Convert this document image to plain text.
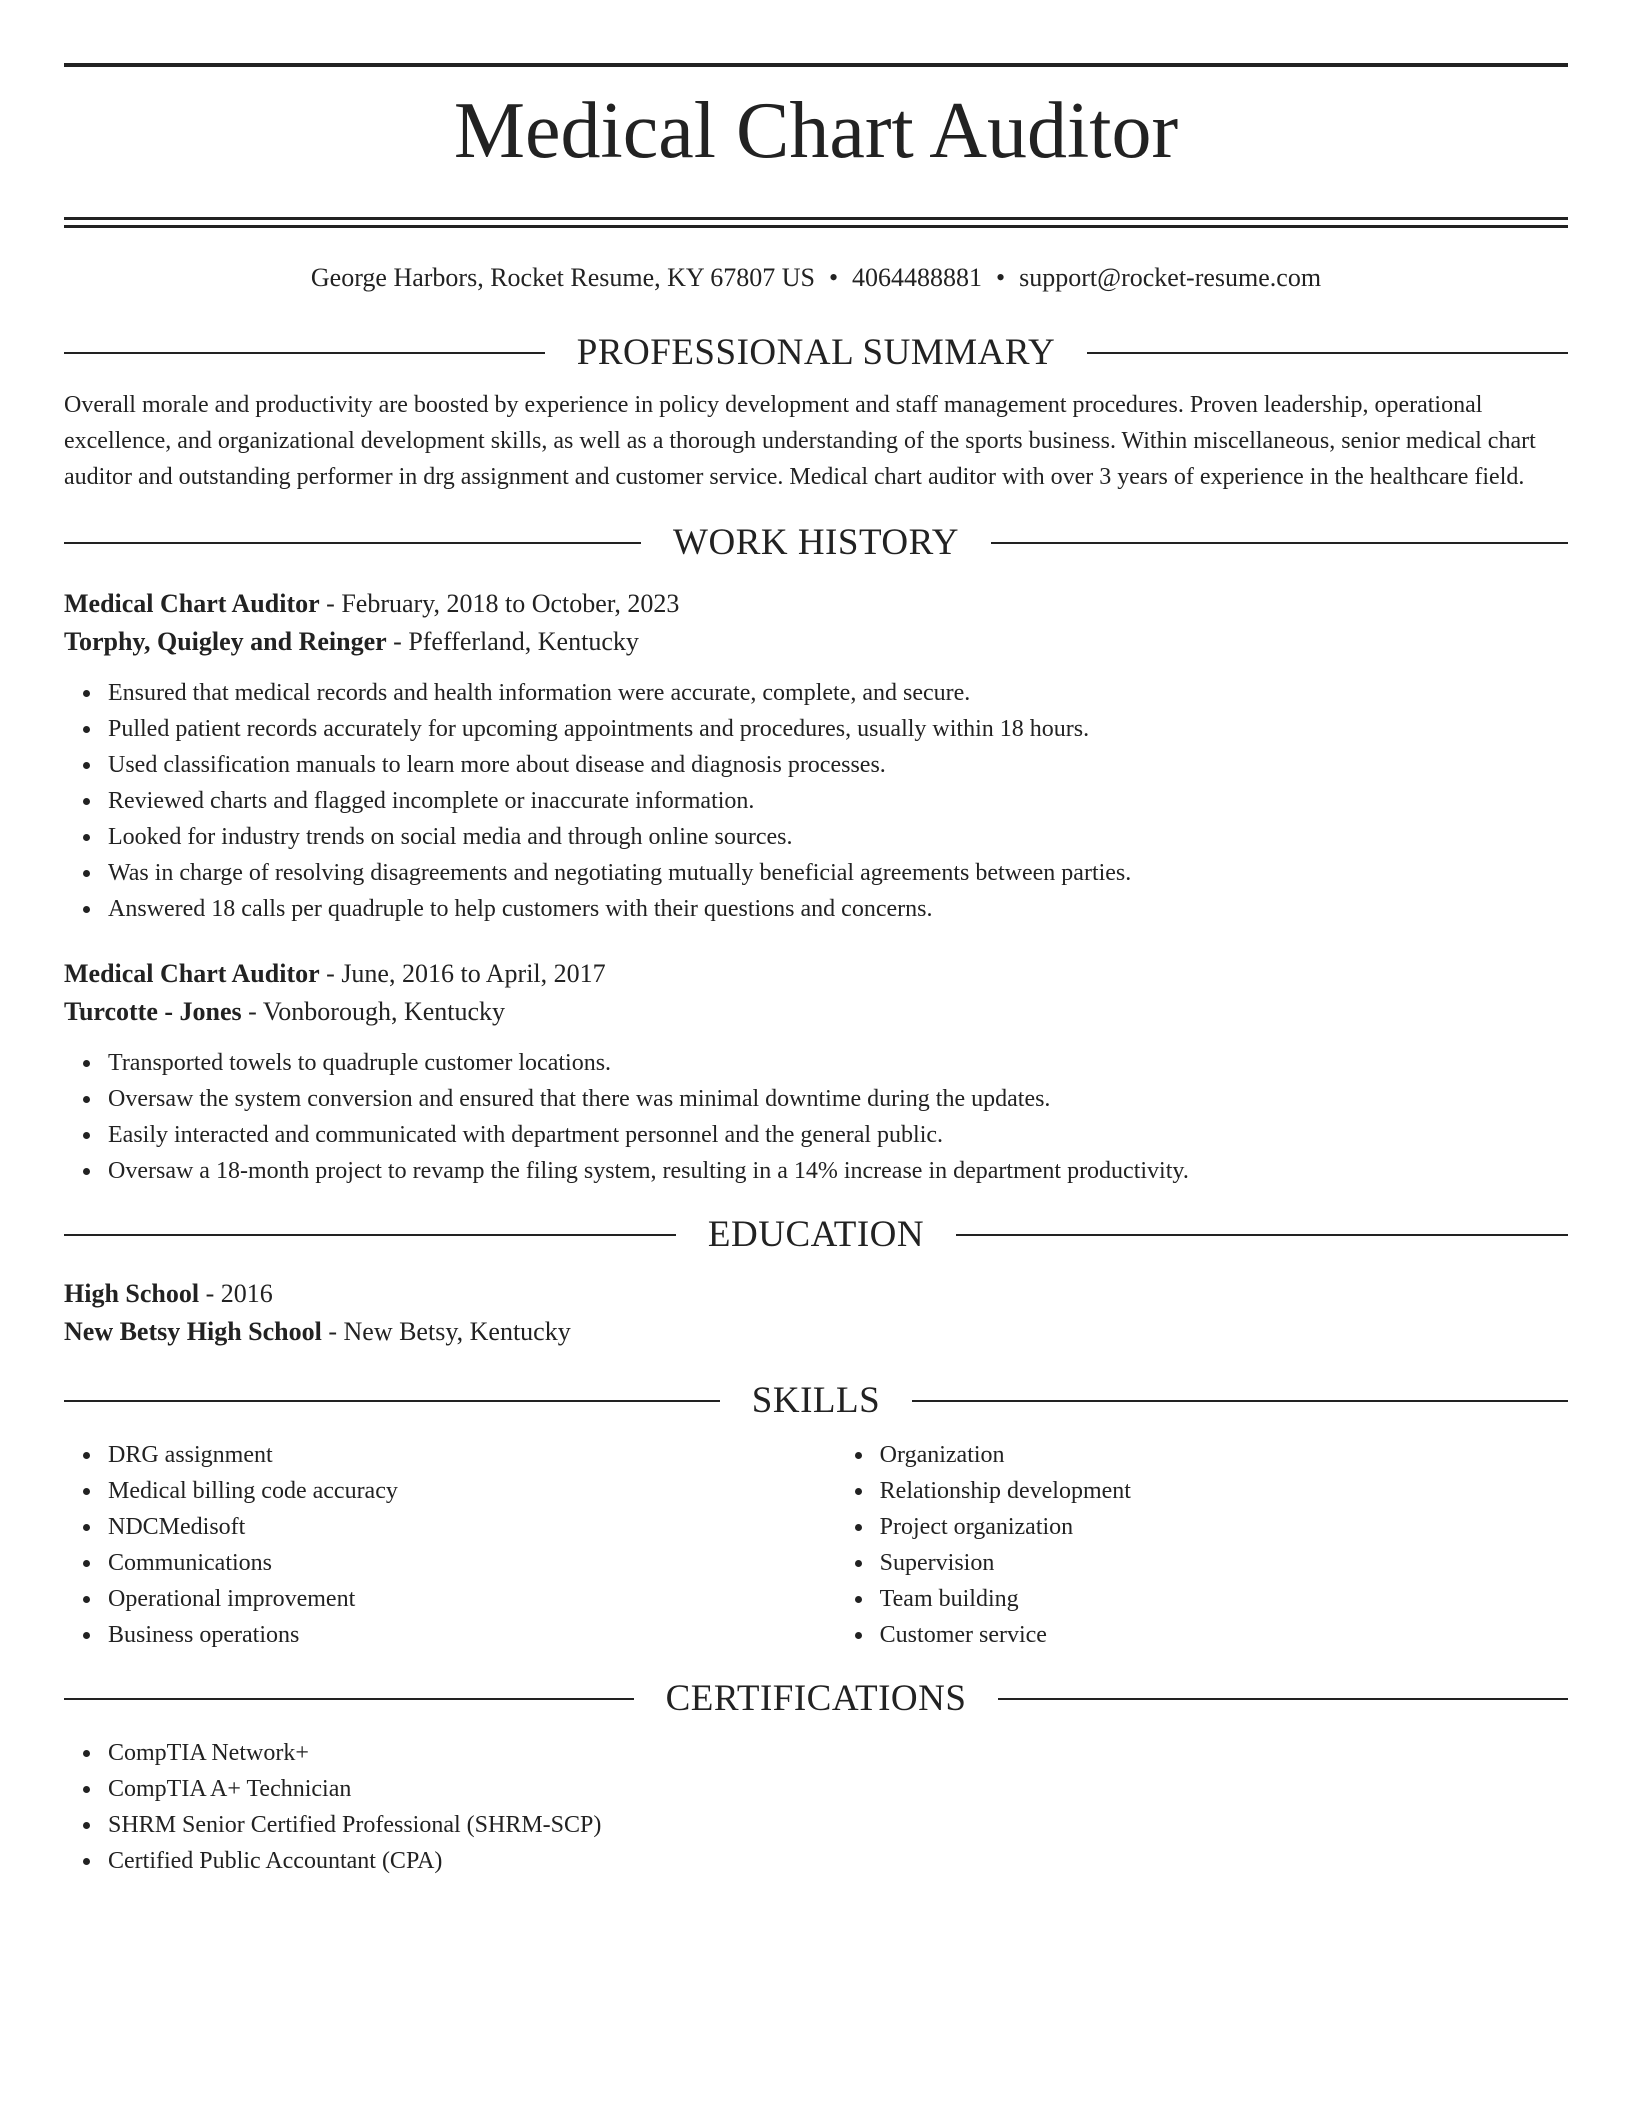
Medical Chart Auditor
George Harbors, Rocket Resume, KY 67807 US • 4064488881 • support@rocket-resume.com
PROFESSIONAL SUMMARY
Overall morale and productivity are boosted by experience in policy development and staff management procedures. Proven leadership, operational excellence, and organizational development skills, as well as a thorough understanding of the sports business. Within miscellaneous, senior medical chart auditor and outstanding performer in drg assignment and customer service. Medical chart auditor with over 3 years of experience in the healthcare field.
WORK HISTORY
Medical Chart Auditor - February, 2018 to October, 2023
Torphy, Quigley and Reinger - Pfefferland, Kentucky
Ensured that medical records and health information were accurate, complete, and secure.
Pulled patient records accurately for upcoming appointments and procedures, usually within 18 hours.
Used classification manuals to learn more about disease and diagnosis processes.
Reviewed charts and flagged incomplete or inaccurate information.
Looked for industry trends on social media and through online sources.
Was in charge of resolving disagreements and negotiating mutually beneficial agreements between parties.
Answered 18 calls per quadruple to help customers with their questions and concerns.
Medical Chart Auditor - June, 2016 to April, 2017
Turcotte - Jones - Vonborough, Kentucky
Transported towels to quadruple customer locations.
Oversaw the system conversion and ensured that there was minimal downtime during the updates.
Easily interacted and communicated with department personnel and the general public.
Oversaw a 18-month project to revamp the filing system, resulting in a 14% increase in department productivity.
EDUCATION
High School - 2016
New Betsy High School - New Betsy, Kentucky
SKILLS
DRG assignment
Medical billing code accuracy
NDCMedisoft
Communications
Operational improvement
Business operations
Organization
Relationship development
Project organization
Supervision
Team building
Customer service
CERTIFICATIONS
CompTIA Network+
CompTIA A+ Technician
SHRM Senior Certified Professional (SHRM-SCP)
Certified Public Accountant (CPA)
